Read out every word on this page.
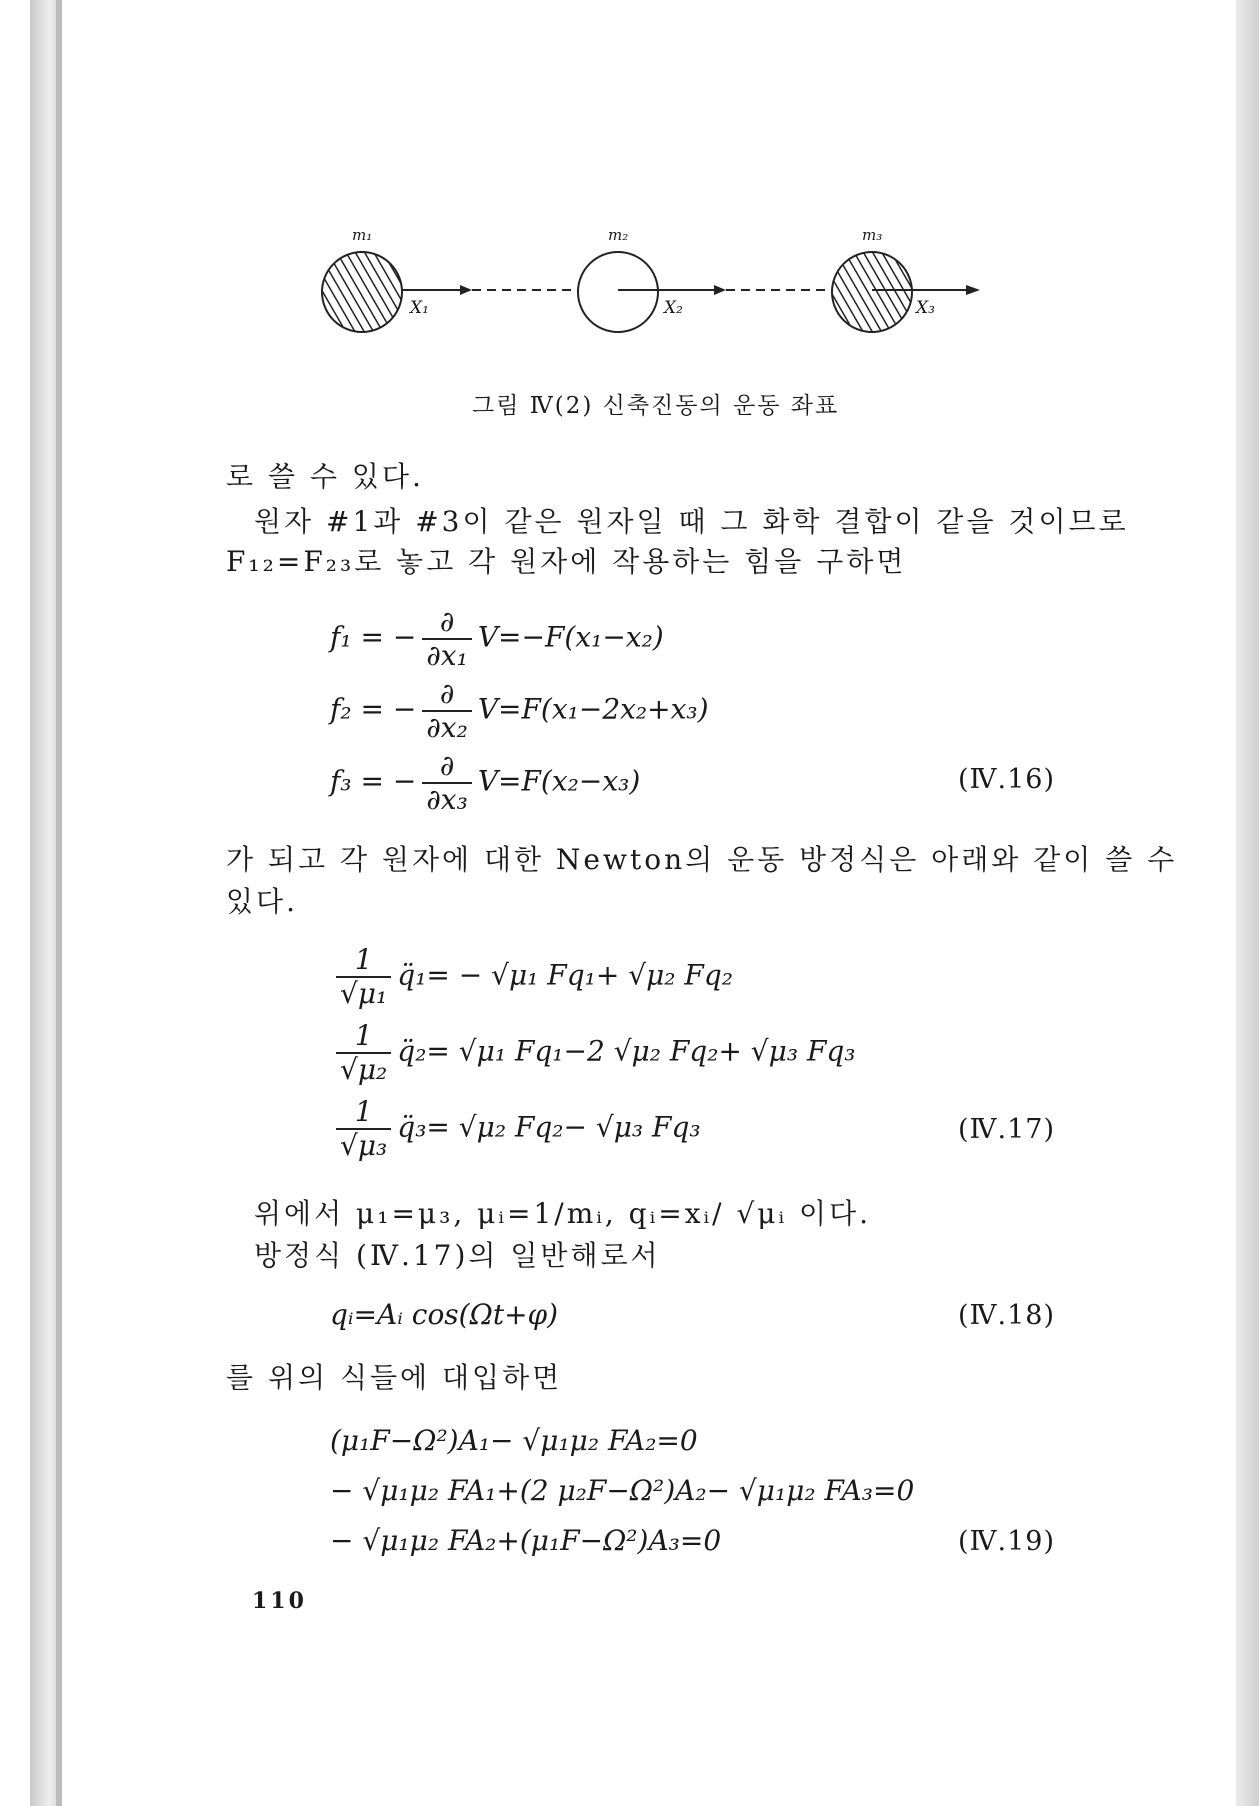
m₁	m₂	m₃
X₁	X₂	X₃
그림 Ⅳ(2) 신축진동의 운동 좌표
로 쓸 수 있다.
원자 #1과 #3이 같은 원자일 때 그 화학 결합이 같을 것이므로
F₁₂=F₂₃로 놓고 각 원자에 작용하는 힘을 구하면
f₁ = − $\frac{\partial}{\text{∂x₁}} V=-F(x_1-x_2)$
f₂ = − $\frac{\partial}{\text{∂x₂}} V=F(x_1-2x_2+x_3)$
f₃ = − $\frac{\partial}{\text{∂x₃}} V=F(x_2-x_3)$	(Ⅳ.16)
가 되고 각 원자에 대한 Newton의 운동 방정식은 아래와 같이 쓸 수
있다.
$\frac{1}{\text{√μ₁}}$ q̈₁= − √μ₁ Fq₁+ √μ₂ Fq₂
$\frac{1}{\text{√μ₂}}$ q̈₂= √μ₁ Fq₁−2 √μ₂ Fq₂+ √μ₃ Fq₃
$\frac{1}{\text{√μ₃}}$ q̈₃= √μ₂ Fq₂− √μ₃ Fq₃	(Ⅳ.17)
위에서 μ₁=μ₃, μᵢ=1/mᵢ, qᵢ=xᵢ/ √μᵢ 이다.
방정식 (Ⅳ.17)의 일반해로서
qᵢ=Aᵢ cos(Ωt+φ)	(Ⅳ.18)
를 위의 식들에 대입하면
(μ₁F−Ω²)A₁− √μ₁μ₂ FA₂=0
− √μ₁μ₂ FA₁+(2 μ₂F−Ω²)A₂− √μ₁μ₂ FA₃=0
− √μ₁μ₂ FA₂+(μ₁F−Ω²)A₃=0	(Ⅳ.19)
110
